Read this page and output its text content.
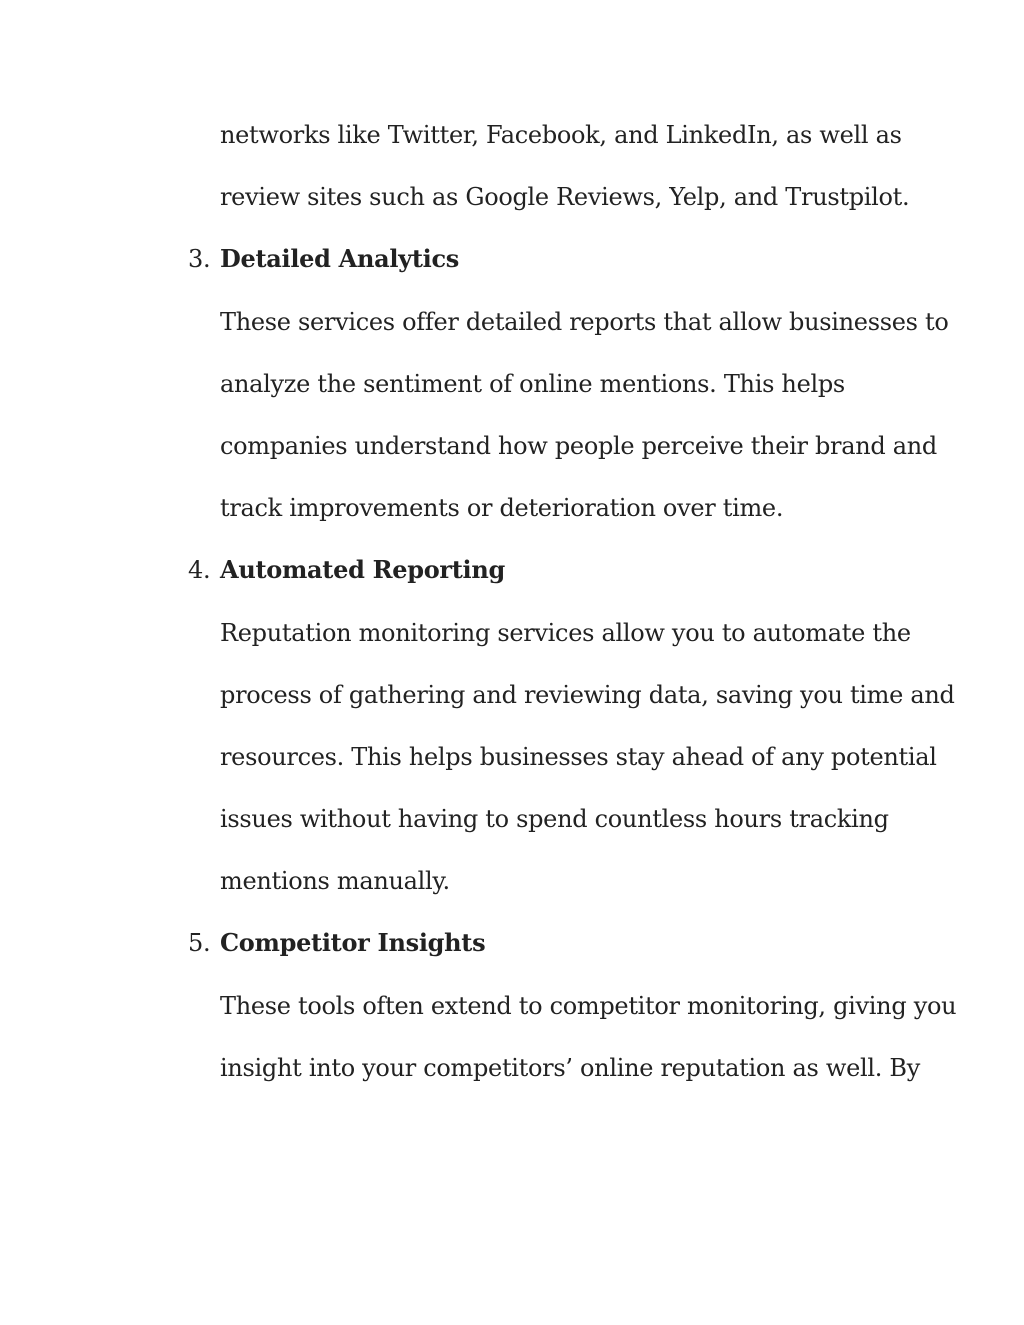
networks like Twitter, Facebook, and LinkedIn, as well as
review sites such as Google Reviews, Yelp, and Trustpilot.
3. Detailed Analytics
These services offer detailed reports that allow businesses to
analyze the sentiment of online mentions. This helps
companies understand how people perceive their brand and
track improvements or deterioration over time.
4. Automated Reporting
Reputation monitoring services allow you to automate the
process of gathering and reviewing data, saving you time and
resources. This helps businesses stay ahead of any potential
issues without having to spend countless hours tracking
mentions manually.
5. Competitor Insights
These tools often extend to competitor monitoring, giving you
insight into your competitors’ online reputation as well. By
